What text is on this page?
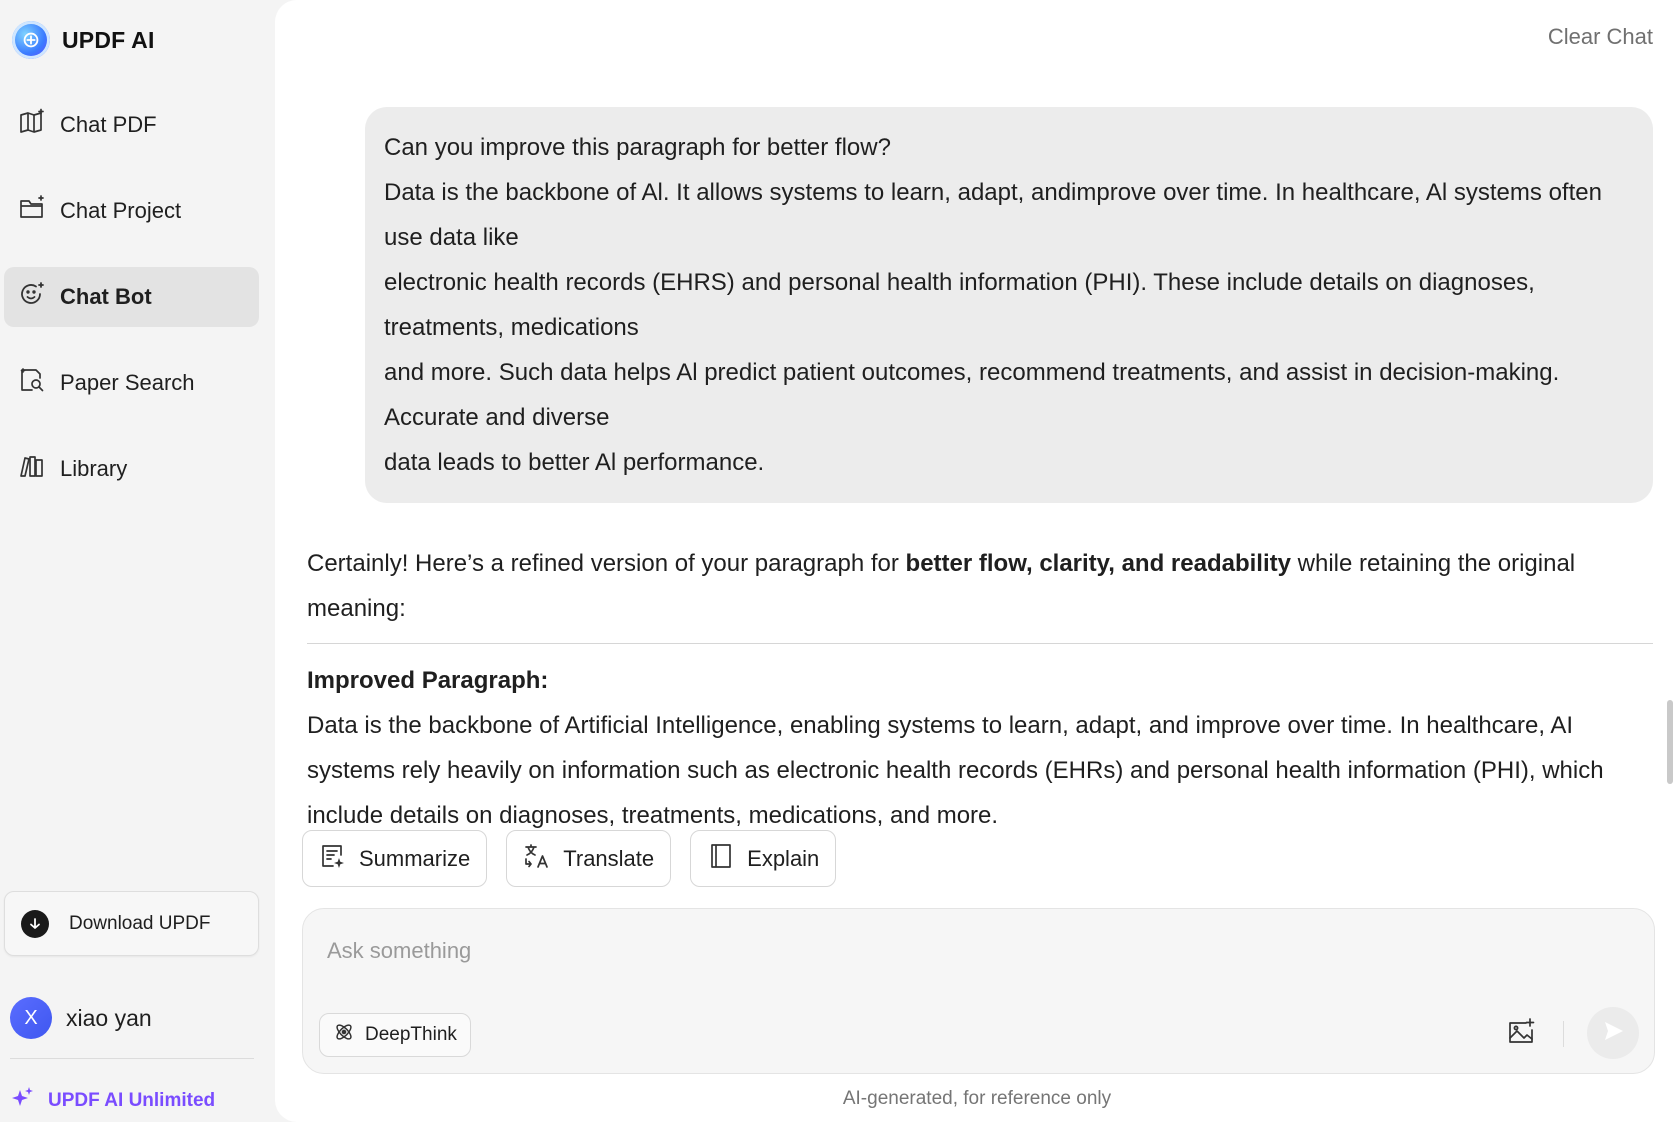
UPDF AI
Chat PDF
Chat Project
Chat Bot
Paper Search
Library
Download UPDF
X	xiao yan
UPDF AI Unlimited
Clear Chat
Can you improve this paragraph for better flow?
Data is the backbone of Al. It allows systems to learn, adapt, andimprove over time. In healthcare, Al systems often use data like
electronic health records (EHRS) and personal health information (PHI). These include details on diagnoses, treatments, medications
and more. Such data helps Al predict patient outcomes, recommend treatments, and assist in decision-making. Accurate and diverse
data leads to better Al performance.

Certainly! Here’s a refined version of your paragraph for better flow, clarity, and readability while retaining the original meaning:

Improved Paragraph:

Data is the backbone of Artificial Intelligence, enabling systems to learn, adapt, and improve over time. In healthcare, AI systems rely heavily on information such as electronic health records (EHRs) and personal health information (PHI), which include details on diagnoses, treatments, medications, and more.

Summarize	Translate	Explain
Ask something
DeepThink
AI-generated, for reference only
